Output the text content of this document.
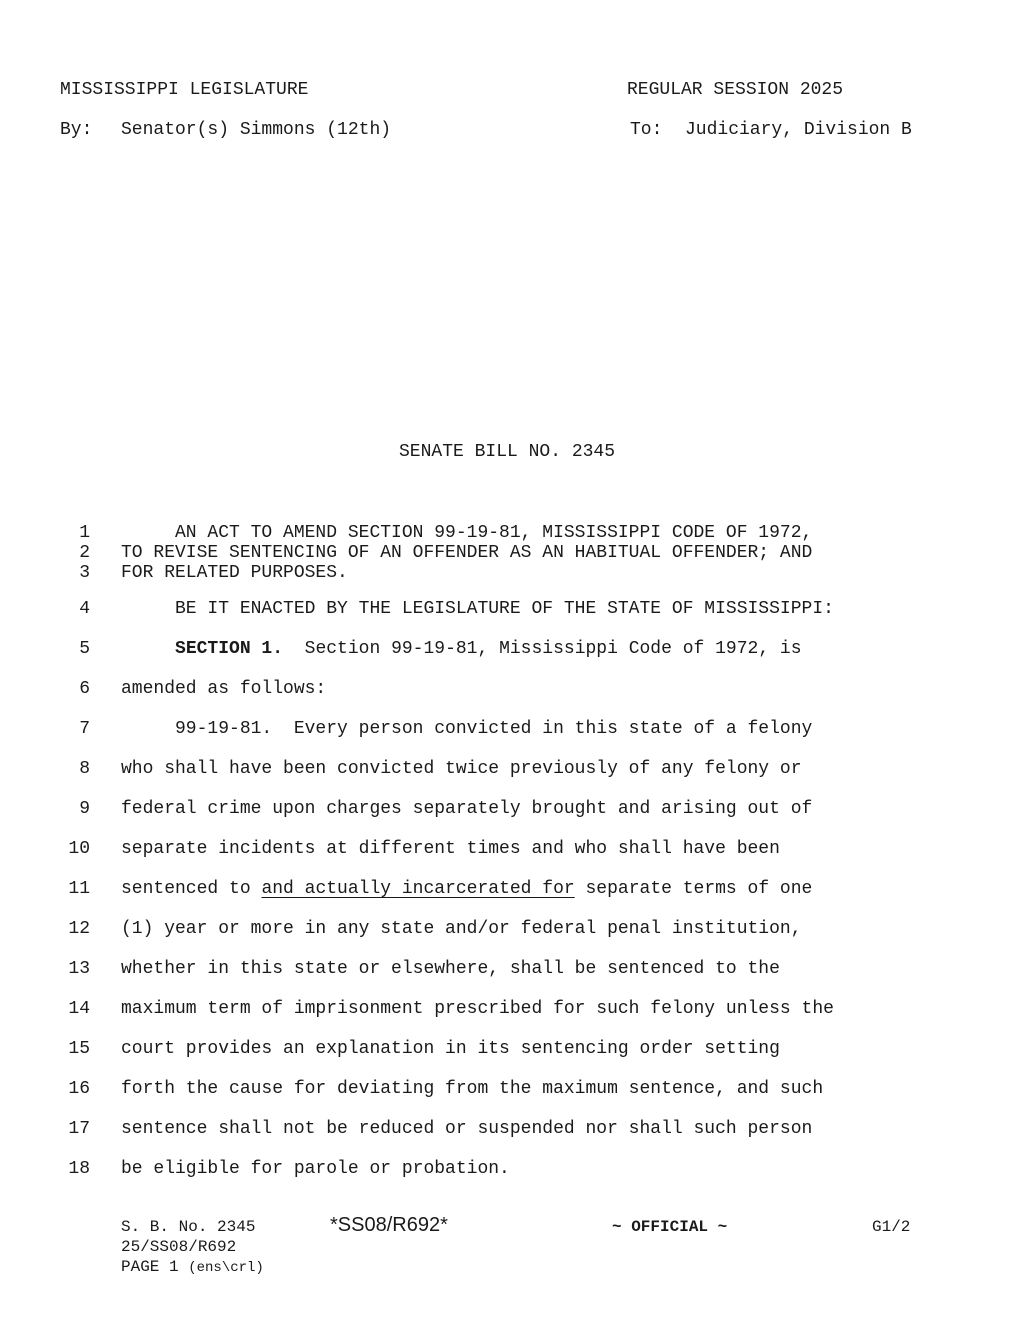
MISSISSIPPI LEGISLATURE	REGULAR SESSION 2025
By: Senator(s) Simmons (12th)	To: Judiciary, Division B
SENATE BILL NO. 2345
1 AN ACT TO AMEND SECTION 99-19-81, MISSISSIPPI CODE OF 1972,
2 TO REVISE SENTENCING OF AN OFFENDER AS AN HABITUAL OFFENDER; AND
3 FOR RELATED PURPOSES.
4 BE IT ENACTED BY THE LEGISLATURE OF THE STATE OF MISSISSIPPI:
5	SECTION 1.  Section 99-19-81, Mississippi Code of 1972, is
6 amended as follows:
7 99-19-81.  Every person convicted in this state of a felony
8 who shall have been convicted twice previously of any felony or
9 federal crime upon charges separately brought and arising out of
10 separate incidents at different times and who shall have been
11 sentenced to and actually incarcerated for separate terms of one
12 (1) year or more in any state and/or federal penal institution,
13 whether in this state or elsewhere, shall be sentenced to the
14 maximum term of imprisonment prescribed for such felony unless the
15 court provides an explanation in its sentencing order setting
16 forth the cause for deviating from the maximum sentence, and such
17 sentence shall not be reduced or suspended nor shall such person
18 be eligible for parole or probation.
S. B. No. 2345	*SS08/R692*	~ OFFICIAL ~	G1/2
25/SS08/R692
PAGE 1 (ens\crl)
